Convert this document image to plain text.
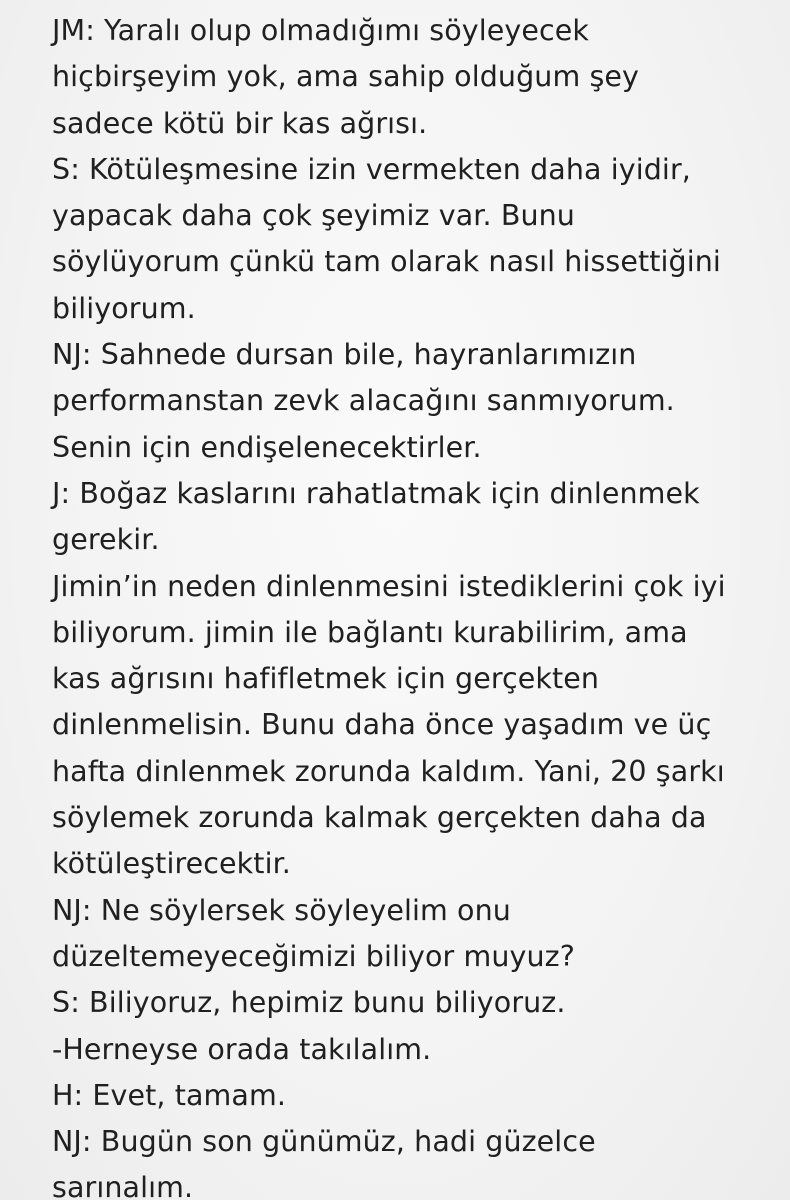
JM: Yaralı olup olmadığımı söyleyecek
hiçbirşeyim yok, ama sahip olduğum şey
sadece kötü bir kas ağrısı.
S: Kötüleşmesine izin vermekten daha iyidir,
yapacak daha çok şeyimiz var. Bunu
söylüyorum çünkü tam olarak nasıl hissettiğini
biliyorum.
NJ: Sahnede dursan bile, hayranlarımızın
performanstan zevk alacağını sanmıyorum.
Senin için endişelenecektirler.
J: Boğaz kaslarını rahatlatmak için dinlenmek
gerekir.
Jimin’in neden dinlenmesini istediklerini çok iyi
biliyorum. jimin ile bağlantı kurabilirim, ama
kas ağrısını hafifletmek için gerçekten
dinlenmelisin. Bunu daha önce yaşadım ve üç
hafta dinlenmek zorunda kaldım. Yani, 20 şarkı
söylemek zorunda kalmak gerçekten daha da
kötüleştirecektir.
NJ: Ne söylersek söyleyelim onu
düzeltemeyeceğimizi biliyor muyuz?
S: Biliyoruz, hepimiz bunu biliyoruz.
-Herneyse orada takılalım.
H: Evet, tamam.
NJ: Bugün son günümüz, hadi güzelce
sarınalım.
